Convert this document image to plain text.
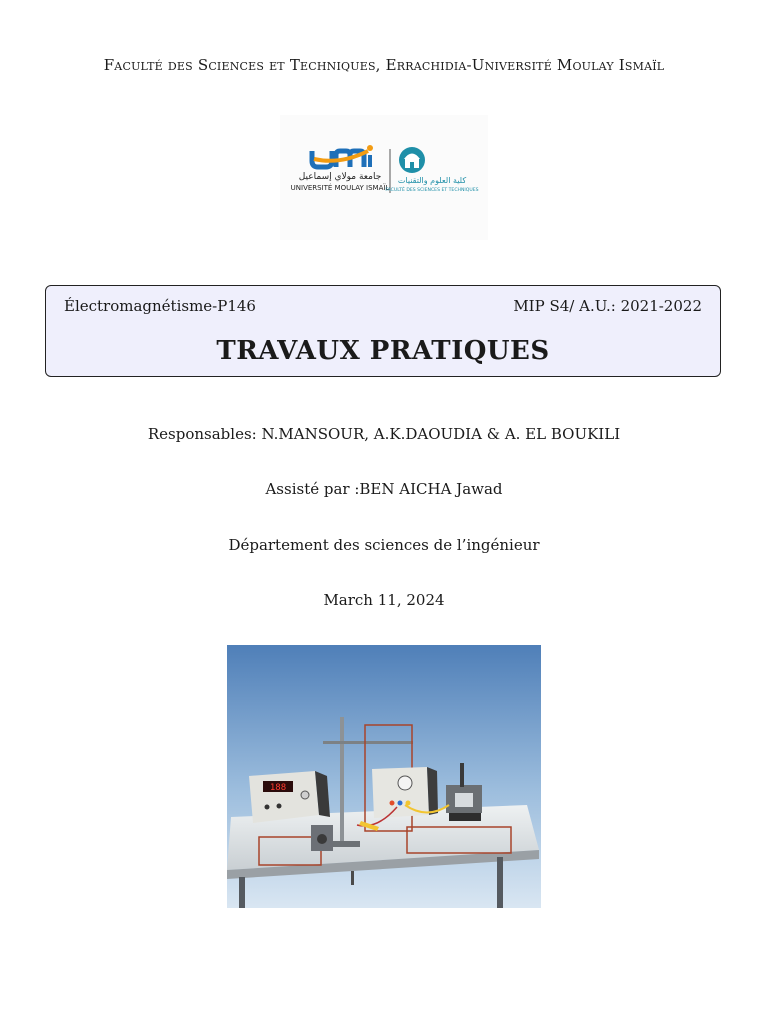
Faculté des Sciences et Techniques, Errachidia-Université Moulay Ismaïl
جامعة مولاي إسماعيل
UNIVERSITÉ MOULAY ISMAÏL
كلية العلوم والتقنيات
FACULTÉ DES SCIENCES ET TECHNIQUES
Électromagnétisme-P146	MIP S4/ A.U.: 2021-2022
TRAVAUX PRATIQUES
Responsables: N.MANSOUR, A.K.DAOUDIA & A. EL BOUKILI
Assisté par :BEN AICHA Jawad
Département des sciences de l’ingénieur
March 11, 2024
188
